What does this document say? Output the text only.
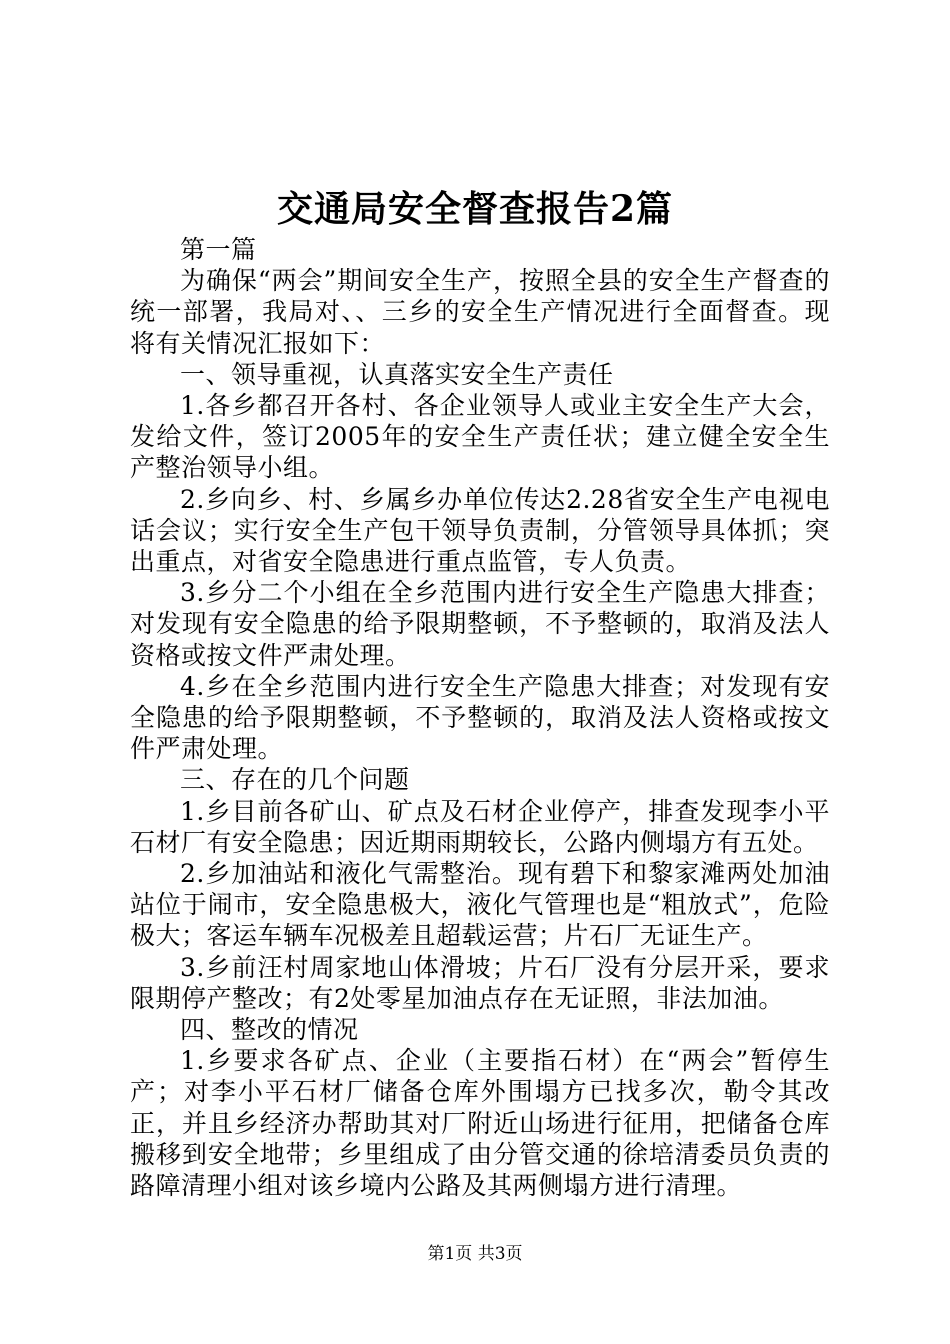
交通局安全督查报告2篇

第一篇

为确保“两会”期间安全生产，按照全县的安全生产督查的统一部署，我局对、、三乡的安全生产情况进行全面督查。现将有关情况汇报如下：

一、领导重视，认真落实安全生产责任

1.各乡都召开各村、各企业领导人或业主安全生产大会，发给文件，签订2005年的安全生产责任状；建立健全安全生产整治领导小组。

2.乡向乡、村、乡属乡办单位传达2.28省安全生产电视电话会议；实行安全生产包干领导负责制，分管领导具体抓；突出重点，对省安全隐患进行重点监管，专人负责。

3.乡分二个小组在全乡范围内进行安全生产隐患大排查；对发现有安全隐患的给予限期整顿，不予整顿的，取消及法人资格或按文件严肃处理。

4.乡在全乡范围内进行安全生产隐患大排查；对发现有安全隐患的给予限期整顿，不予整顿的，取消及法人资格或按文件严肃处理。

三、存在的几个问题

1.乡目前各矿山、矿点及石材企业停产，排查发现李小平石材厂有安全隐患；因近期雨期较长，公路内侧塌方有五处。

2.乡加油站和液化气需整治。现有碧下和黎家滩两处加油站位于闹市，安全隐患极大，液化气管理也是“粗放式”，危险极大；客运车辆车况极差且超载运营；片石厂无证生产。

3.乡前汪村周家地山体滑坡；片石厂没有分层开采，要求限期停产整改；有2处零星加油点存在无证照，非法加油。

四、整改的情况

1.乡要求各矿点、企业（主要指石材）在“两会”暂停生产；对李小平石材厂储备仓库外围塌方已找多次，勒令其改正，并且乡经济办帮助其对厂附近山场进行征用，把储备仓库搬移到安全地带；乡里组成了由分管交通的徐培清委员负责的路障清理小组对该乡境内公路及其两侧塌方进行清理。

第1页 共3页
